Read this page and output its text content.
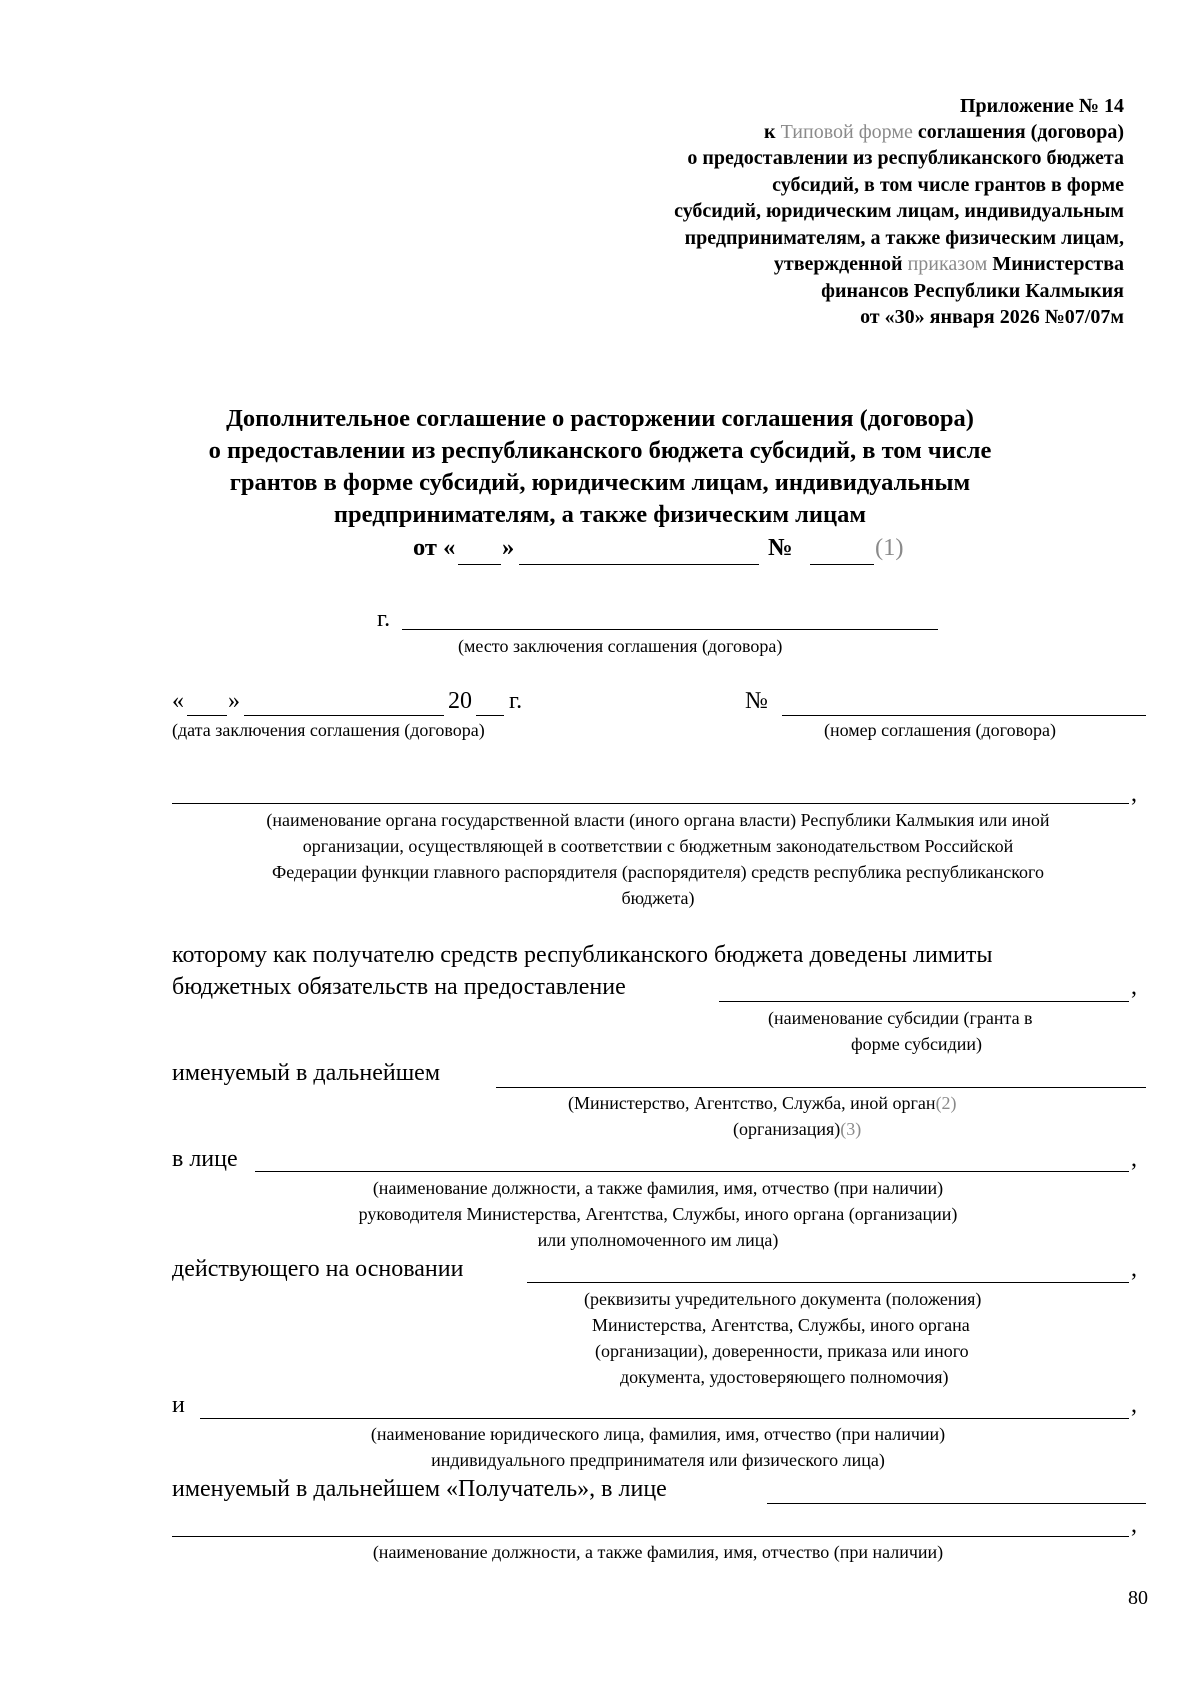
Приложение № 14
к Типовой форме соглашения (договора)
о предоставлении из республиканского бюджета
субсидий, в том числе грантов в форме
субсидий, юридическим лицам, индивидуальным
предпринимателям, а также физическим лицам,
утвержденной приказом Министерства
финансов Республики Калмыкия
от «30» января 2026 №07/07м
Дополнительное соглашение о расторжении соглашения (договора)
о предоставлении из республиканского бюджета субсидий, в том числе
грантов в форме субсидий, юридическим лицам, индивидуальным
предпринимателям, а также физическим лицам
от « »	№	(1)
г.
(место заключения соглашения (договора)
« »	20 г.
(дата заключения соглашения (договора)
№
(номер соглашения (договора)
,
(наименование органа государственной власти (иного органа власти) Республики Калмыкия или иной
организации, осуществляющей в соответствии с бюджетным законодательством Российской
Федерации функции главного распорядителя (распорядителя) средств республика республиканского
бюджета)
которому как получателю средств республиканского бюджета доведены лимиты
бюджетных обязательств на предоставление	,
(наименование субсидии (гранта в
форме субсидии)
именуемый в дальнейшем
(Министерство, Агентство, Служба, иной орган(2)
(организация)(3)
в лице	,
(наименование должности, а также фамилия, имя, отчество (при наличии)
руководителя Министерства, Агентства, Службы, иного органа (организации)
или уполномоченного им лица)
действующего на основании	,
(реквизиты учредительного документа (положения)
Министерства, Агентства, Службы, иного органа
(организации), доверенности, приказа или иного
документа, удостоверяющего полномочия)
и	,
(наименование юридического лица, фамилия, имя, отчество (при наличии)
индивидуального предпринимателя или физического лица)
именуемый в дальнейшем «Получатель», в лице
,
(наименование должности, а также фамилия, имя, отчество (при наличии)
80
